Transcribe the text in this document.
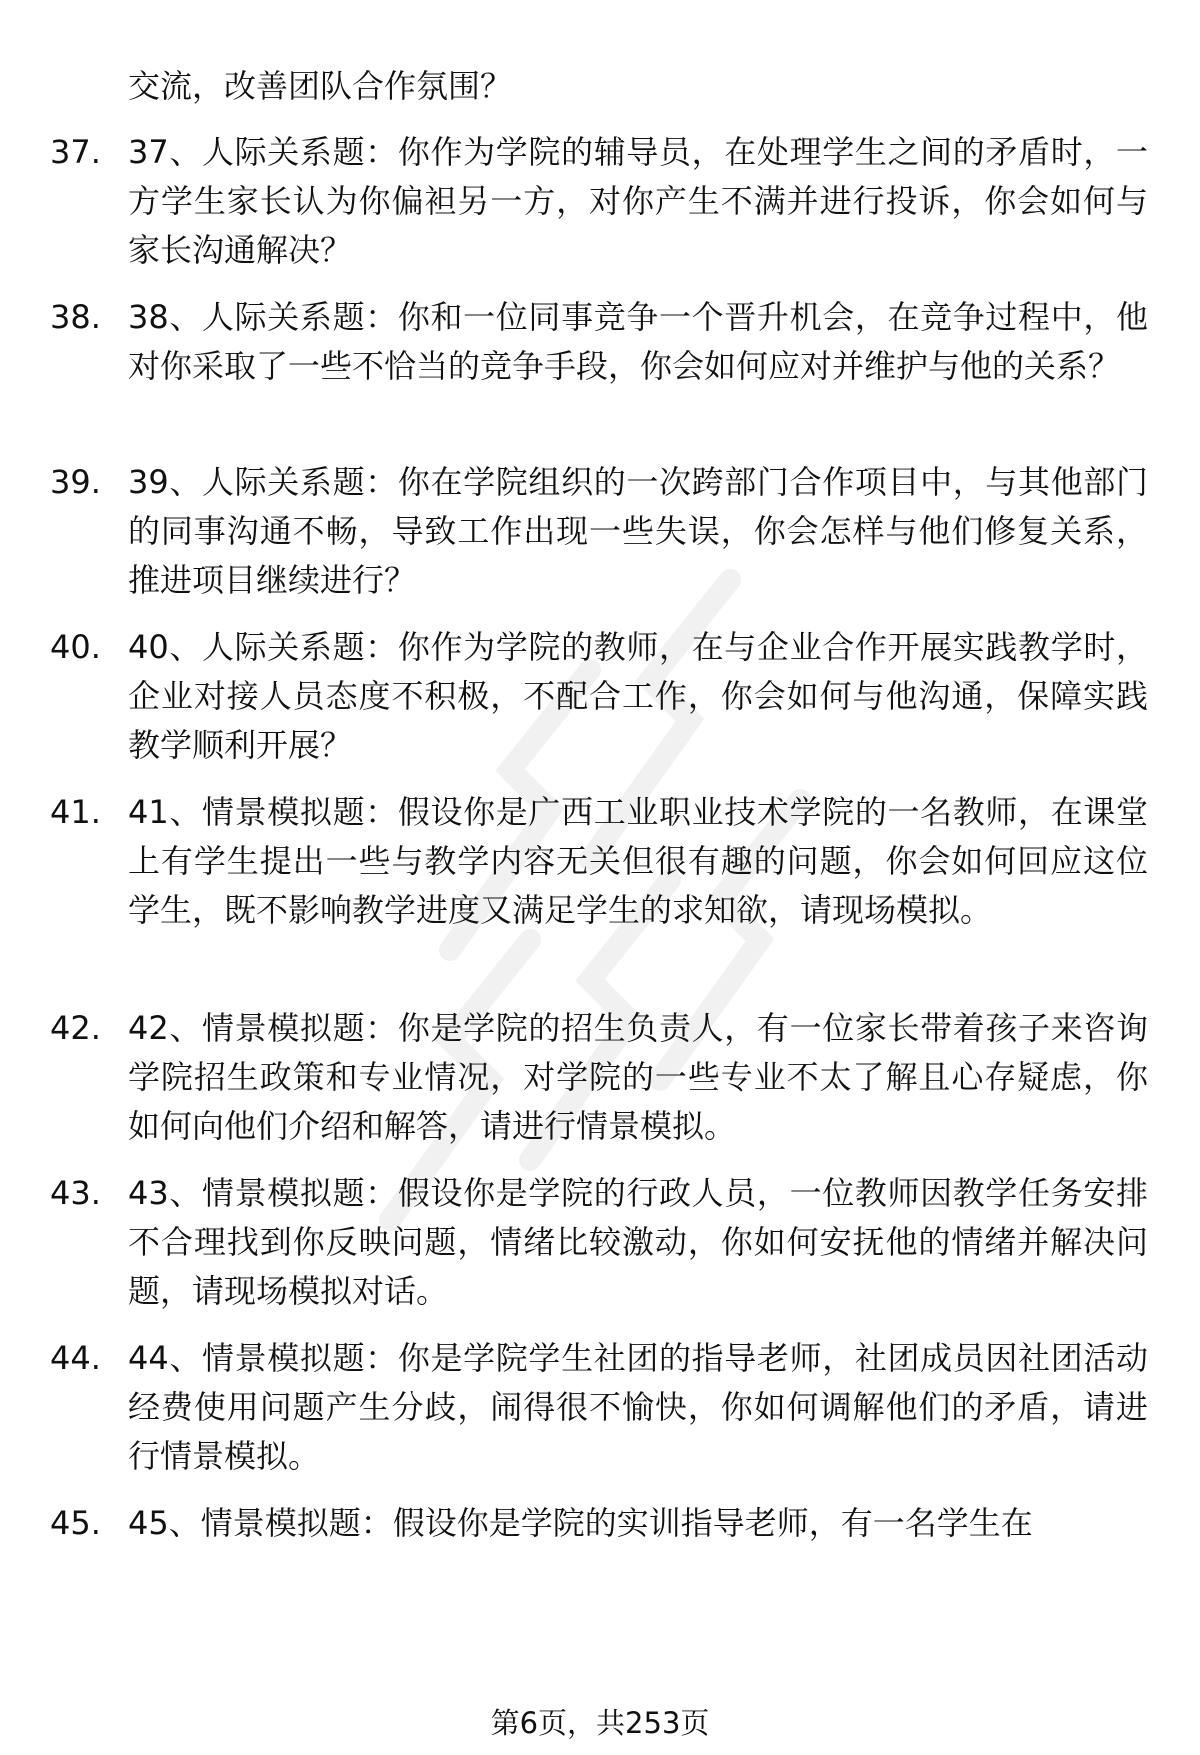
交流，改善团队合作氛围？
37. 37、人际关系题：你作为学院的辅导员，在处理学生之间的矛盾时，一方学生家长认为你偏袒另一方，对你产生不满并进行投诉，你会如何与家长沟通解决？
38. 38、人际关系题：你和一位同事竞争一个晋升机会，在竞争过程中，他对你采取了一些不恰当的竞争手段，你会如何应对并维护与他的关系？
39. 39、人际关系题：你在学院组织的一次跨部门合作项目中，与其他部门的同事沟通不畅，导致工作出现一些失误，你会怎样与他们修复关系，推进项目继续进行？
40. 40、人际关系题：你作为学院的教师，在与企业合作开展实践教学时，企业对接人员态度不积极，不配合工作，你会如何与他沟通，保障实践教学顺利开展？
41. 41、情景模拟题：假设你是广西工业职业技术学院的一名教师，在课堂上有学生提出一些与教学内容无关但很有趣的问题，你会如何回应这位学生，既不影响教学进度又满足学生的求知欲，请现场模拟。
42. 42、情景模拟题：你是学院的招生负责人，有一位家长带着孩子来咨询学院招生政策和专业情况，对学院的一些专业不太了解且心存疑虑，你如何向他们介绍和解答，请进行情景模拟。
43. 43、情景模拟题：假设你是学院的行政人员，一位教师因教学任务安排不合理找到你反映问题，情绪比较激动，你如何安抚他的情绪并解决问题，请现场模拟对话。
44. 44、情景模拟题：你是学院学生社团的指导老师，社团成员因社团活动经费使用问题产生分歧，闹得很不愉快，你如何调解他们的矛盾，请进行情景模拟。
45. 45、情景模拟题：假设你是学院的实训指导老师，有一名学生在
第6页，共253页
